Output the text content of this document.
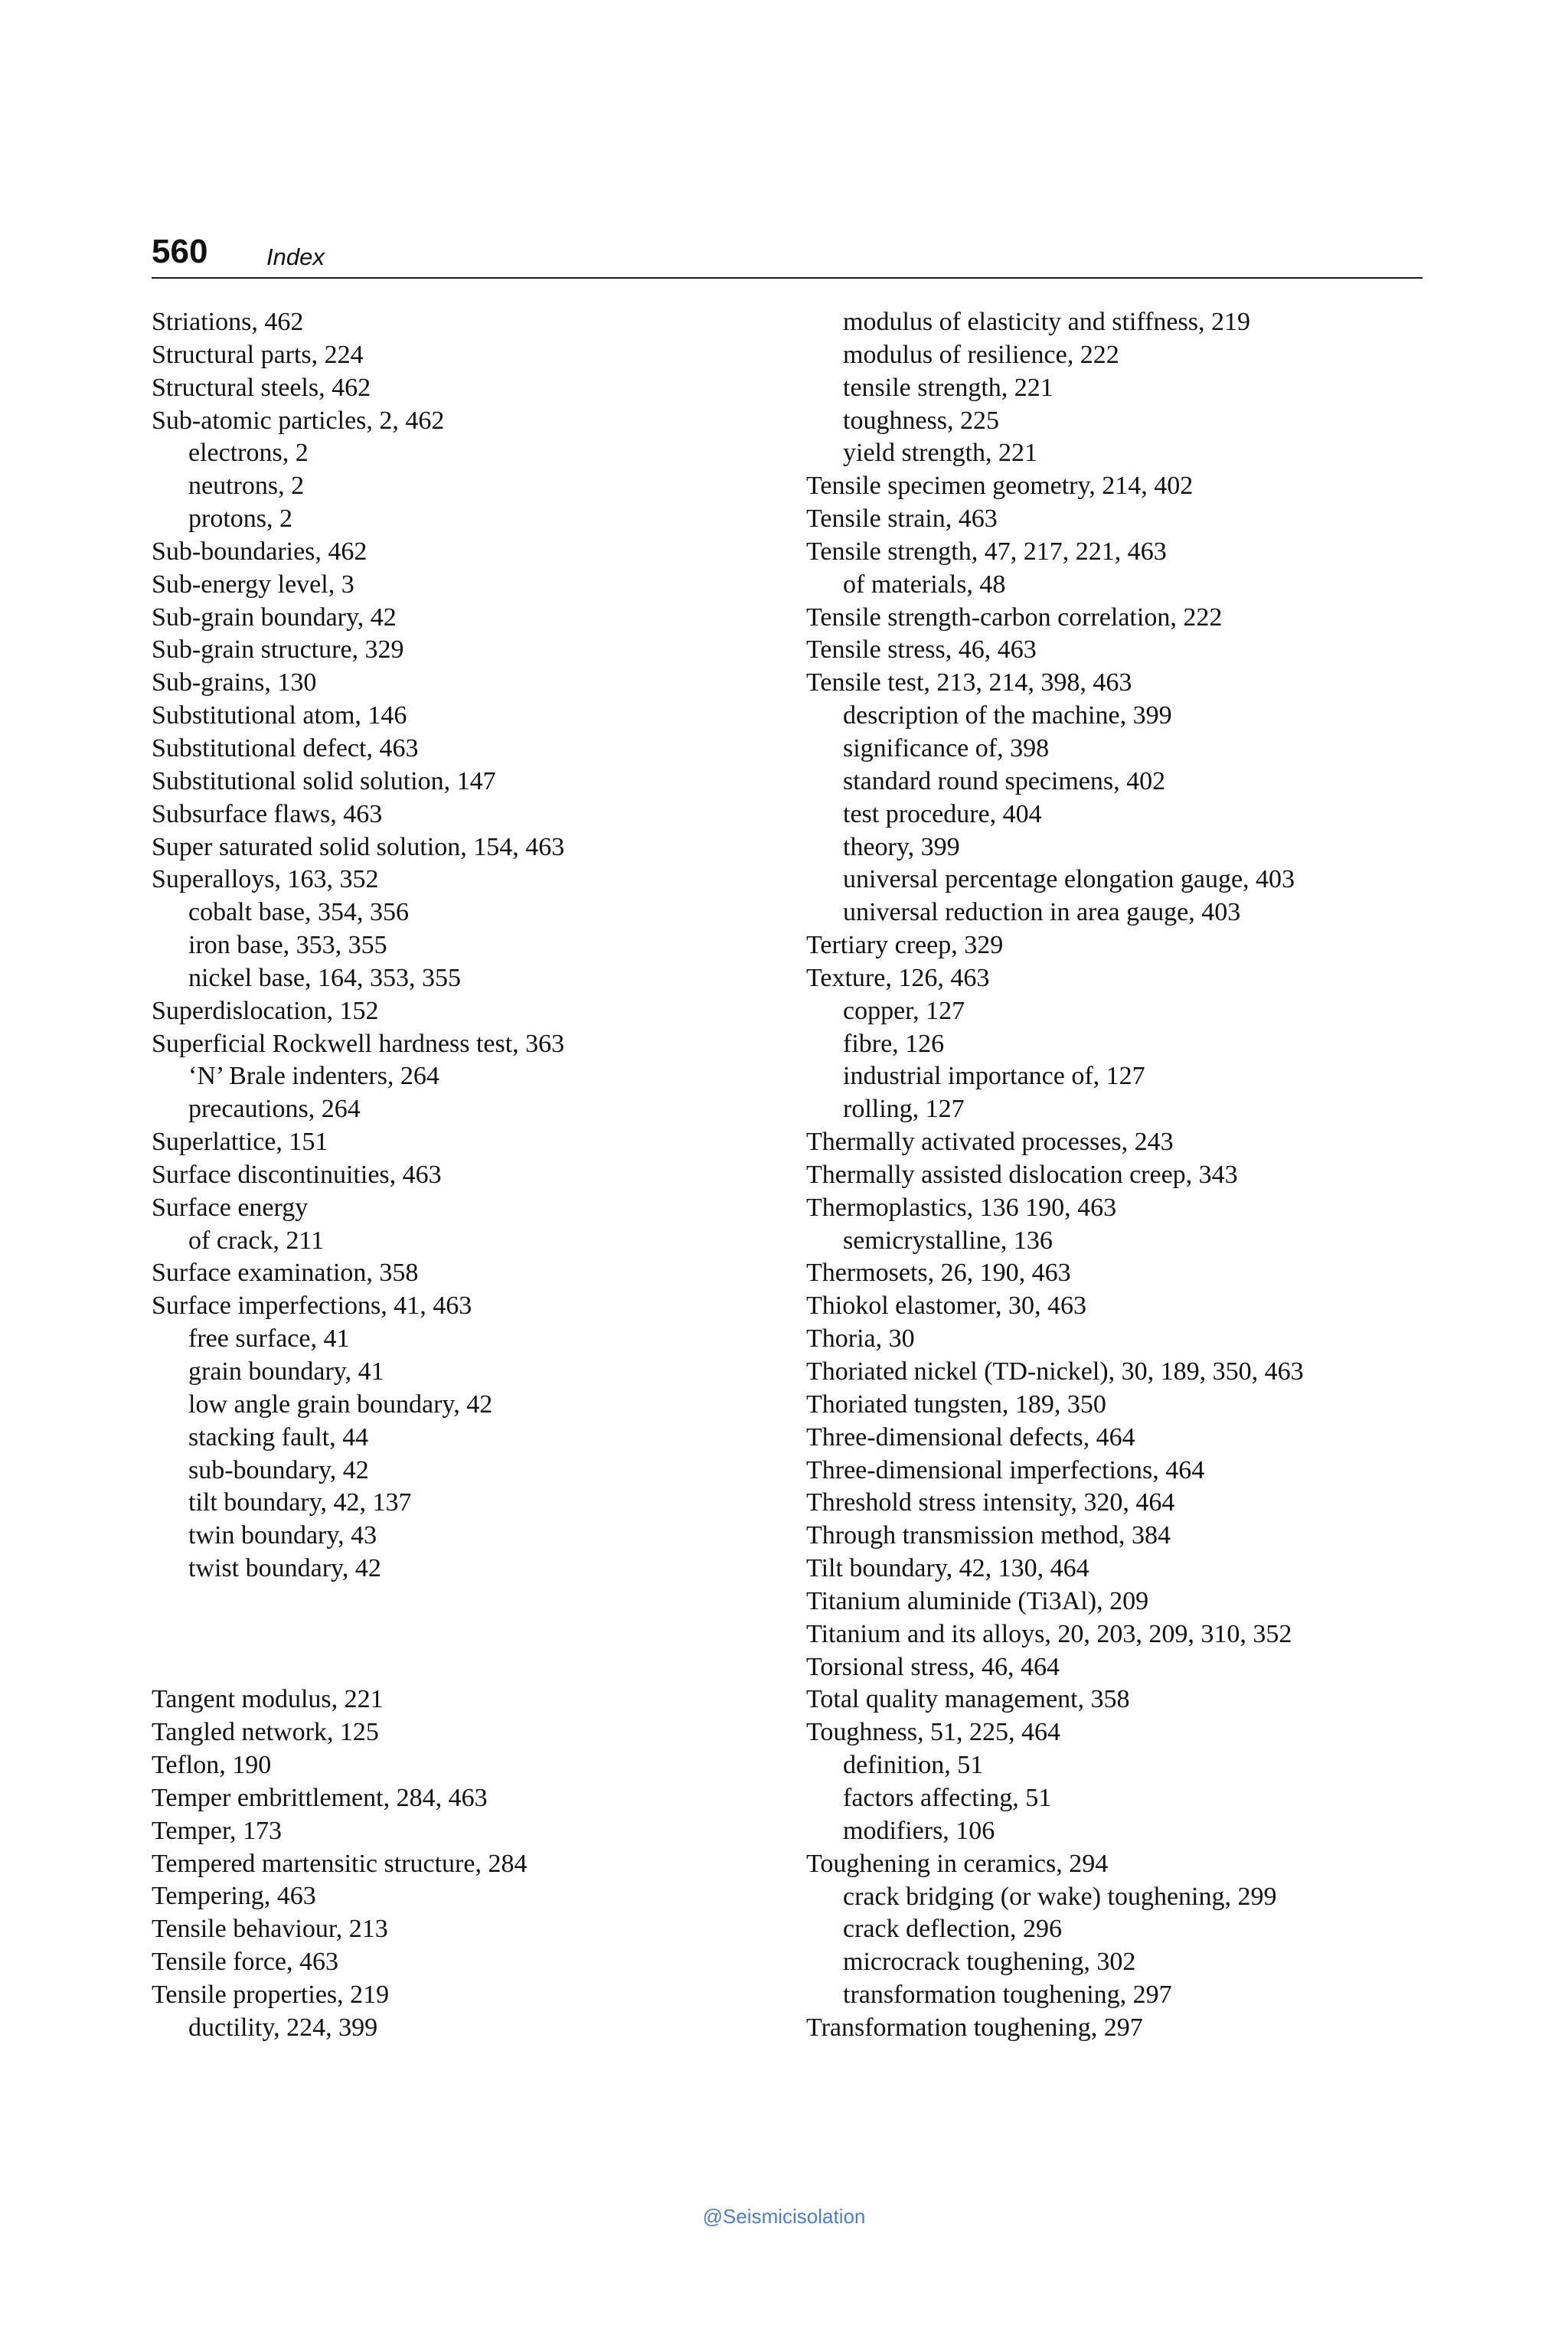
560 Index
Striations, 462
Structural parts, 224
Structural steels, 462
Sub-atomic particles, 2, 462
electrons, 2
neutrons, 2
protons, 2
Sub-boundaries, 462
Sub-energy level, 3
Sub-grain boundary, 42
Sub-grain structure, 329
Sub-grains, 130
Substitutional atom, 146
Substitutional defect, 463
Substitutional solid solution, 147
Subsurface flaws, 463
Super saturated solid solution, 154, 463
Superalloys, 163, 352
cobalt base, 354, 356
iron base, 353, 355
nickel base, 164, 353, 355
Superdislocation, 152
Superficial Rockwell hardness test, 363
‘N’ Brale indenters, 264
precautions, 264
Superlattice, 151
Surface discontinuities, 463
Surface energy
of crack, 211
Surface examination, 358
Surface imperfections, 41, 463
free surface, 41
grain boundary, 41
low angle grain boundary, 42
stacking fault, 44
sub-boundary, 42
tilt boundary, 42, 137
twin boundary, 43
twist boundary, 42
Tangent modulus, 221
Tangled network, 125
Teflon, 190
Temper embrittlement, 284, 463
Temper, 173
Tempered martensitic structure, 284
Tempering, 463
Tensile behaviour, 213
Tensile force, 463
Tensile properties, 219
ductility, 224, 399
modulus of elasticity and stiffness, 219
modulus of resilience, 222
tensile strength, 221
toughness, 225
yield strength, 221
Tensile specimen geometry, 214, 402
Tensile strain, 463
Tensile strength, 47, 217, 221, 463
of materials, 48
Tensile strength-carbon correlation, 222
Tensile stress, 46, 463
Tensile test, 213, 214, 398, 463
description of the machine, 399
significance of, 398
standard round specimens, 402
test procedure, 404
theory, 399
universal percentage elongation gauge, 403
universal reduction in area gauge, 403
Tertiary creep, 329
Texture, 126, 463
copper, 127
fibre, 126
industrial importance of, 127
rolling, 127
Thermally activated processes, 243
Thermally assisted dislocation creep, 343
Thermoplastics, 136 190, 463
semicrystalline, 136
Thermosets, 26, 190, 463
Thiokol elastomer, 30, 463
Thoria, 30
Thoriated nickel (TD-nickel), 30, 189, 350, 463
Thoriated tungsten, 189, 350
Three-dimensional defects, 464
Three-dimensional imperfections, 464
Threshold stress intensity, 320, 464
Through transmission method, 384
Tilt boundary, 42, 130, 464
Titanium aluminide (Ti3Al), 209
Titanium and its alloys, 20, 203, 209, 310, 352
Torsional stress, 46, 464
Total quality management, 358
Toughness, 51, 225, 464
definition, 51
factors affecting, 51
modifiers, 106
Toughening in ceramics, 294
crack bridging (or wake) toughening, 299
crack deflection, 296
microcrack toughening, 302
transformation toughening, 297
Transformation toughening, 297
@Seismicisolation
